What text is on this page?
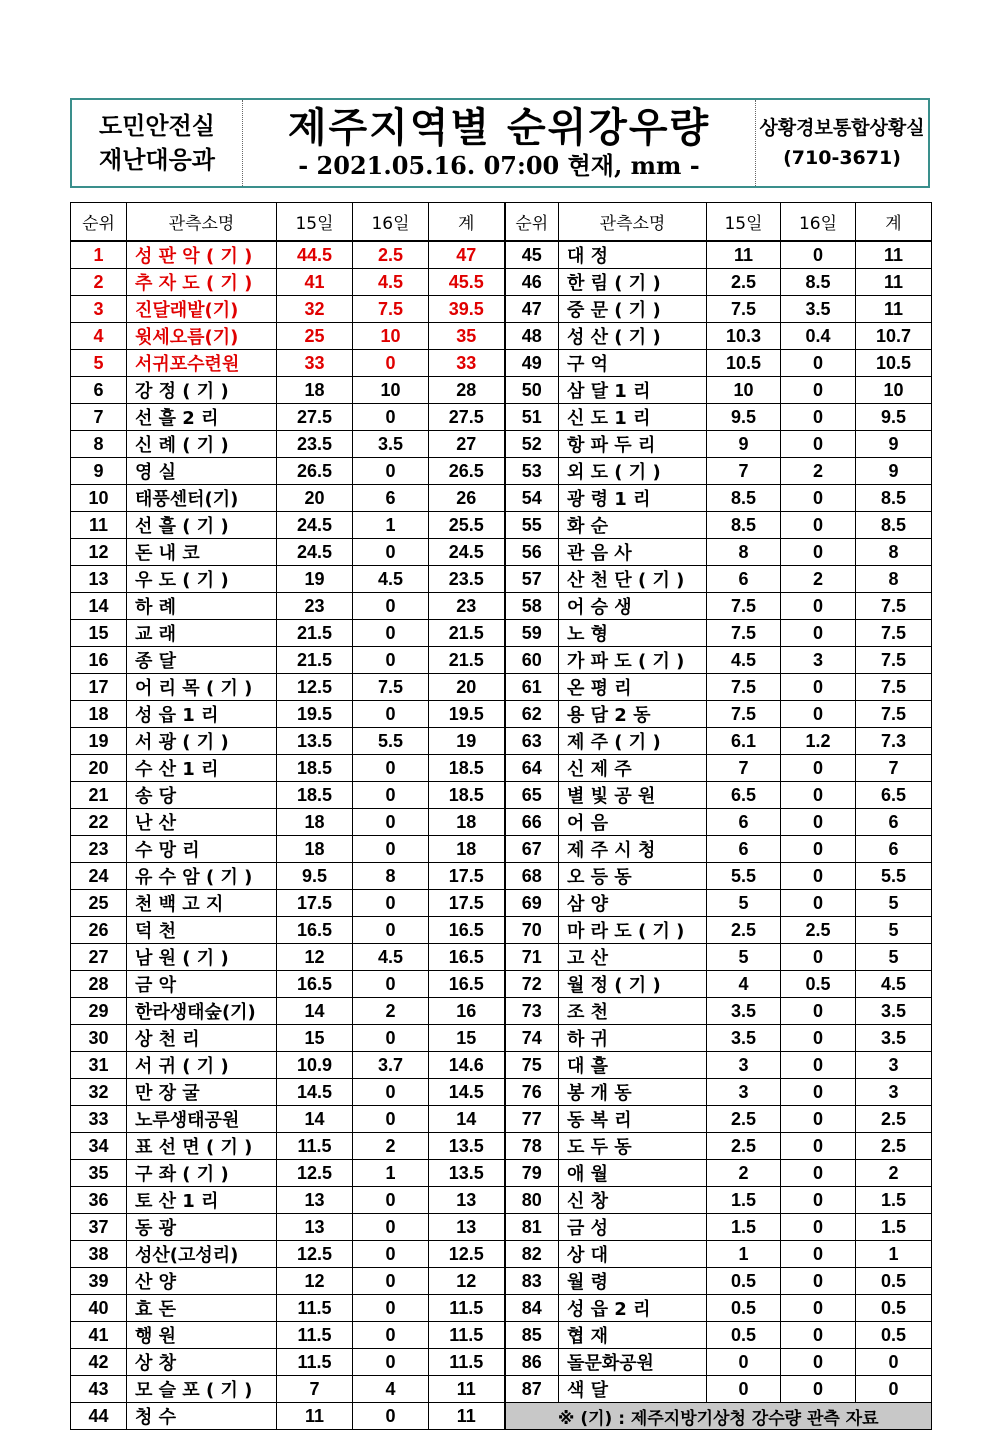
도민안전실
재난대응과
제주지역별 순위강우량
- 2021.05.16. 07:00 현재, mm -
상황경보통합상황실
(710-3671)
순위	관측소명	15일	16일	계	순위	관측소명	15일	16일	계
1	성 판 악 ( 기 )	44.5	2.5	47	45	대 정	11	0	11
2	추 자 도 ( 기 )	41	4.5	45.5	46	한 림 ( 기 )	2.5	8.5	11
3	진달래밭(기)	32	7.5	39.5	47	중 문 ( 기 )	7.5	3.5	11
4	윗세오름(기)	25	10	35	48	성 산 ( 기 )	10.3	0.4	10.7
5	서귀포수련원	33	0	33	49	구 억	10.5	0	10.5
6	강 정 ( 기 )	18	10	28	50	삼 달 1 리	10	0	10
7	선 흘 2 리	27.5	0	27.5	51	신 도 1 리	9.5	0	9.5
8	신 례 ( 기 )	23.5	3.5	27	52	항 파 두 리	9	0	9
9	영 실	26.5	0	26.5	53	외 도 ( 기 )	7	2	9
10	태풍센터(기)	20	6	26	54	광 령 1 리	8.5	0	8.5
11	선 흘 ( 기 )	24.5	1	25.5	55	화 순	8.5	0	8.5
12	돈 내 코	24.5	0	24.5	56	관 음 사	8	0	8
13	우 도 ( 기 )	19	4.5	23.5	57	산 천 단 ( 기 )	6	2	8
14	하 례	23	0	23	58	어 승 생	7.5	0	7.5
15	교 래	21.5	0	21.5	59	노 형	7.5	0	7.5
16	종 달	21.5	0	21.5	60	가 파 도 ( 기 )	4.5	3	7.5
17	어 리 목 ( 기 )	12.5	7.5	20	61	온 평 리	7.5	0	7.5
18	성 읍 1 리	19.5	0	19.5	62	용 담 2 동	7.5	0	7.5
19	서 광 ( 기 )	13.5	5.5	19	63	제 주 ( 기 )	6.1	1.2	7.3
20	수 산 1 리	18.5	0	18.5	64	신 제 주	7	0	7
21	송 당	18.5	0	18.5	65	별 빛 공 원	6.5	0	6.5
22	난 산	18	0	18	66	어 음	6	0	6
23	수 망 리	18	0	18	67	제 주 시 청	6	0	6
24	유 수 암 ( 기 )	9.5	8	17.5	68	오 등 동	5.5	0	5.5
25	천 백 고 지	17.5	0	17.5	69	삼 양	5	0	5
26	덕 천	16.5	0	16.5	70	마 라 도 ( 기 )	2.5	2.5	5
27	남 원 ( 기 )	12	4.5	16.5	71	고 산	5	0	5
28	금 악	16.5	0	16.5	72	월 정 ( 기 )	4	0.5	4.5
29	한라생태숲(기)	14	2	16	73	조 천	3.5	0	3.5
30	상 천 리	15	0	15	74	하 귀	3.5	0	3.5
31	서 귀 ( 기 )	10.9	3.7	14.6	75	대 흘	3	0	3
32	만 장 굴	14.5	0	14.5	76	봉 개 동	3	0	3
33	노루생태공원	14	0	14	77	동 복 리	2.5	0	2.5
34	표 선 면 ( 기 )	11.5	2	13.5	78	도 두 동	2.5	0	2.5
35	구 좌 ( 기 )	12.5	1	13.5	79	애 월	2	0	2
36	토 산 1 리	13	0	13	80	신 창	1.5	0	1.5
37	동 광	13	0	13	81	금 성	1.5	0	1.5
38	성산(고성리)	12.5	0	12.5	82	상 대	1	0	1
39	산 양	12	0	12	83	월 령	0.5	0	0.5
40	효 돈	11.5	0	11.5	84	성 읍 2 리	0.5	0	0.5
41	행 원	11.5	0	11.5	85	협 재	0.5	0	0.5
42	상 창	11.5	0	11.5	86	돌문화공원	0	0	0
43	모 슬 포 ( 기 )	7	4	11	87	색 달	0	0	0
44	청 수	11	0	11	※ (기) : 제주지방기상청 강수량 관측 자료				
